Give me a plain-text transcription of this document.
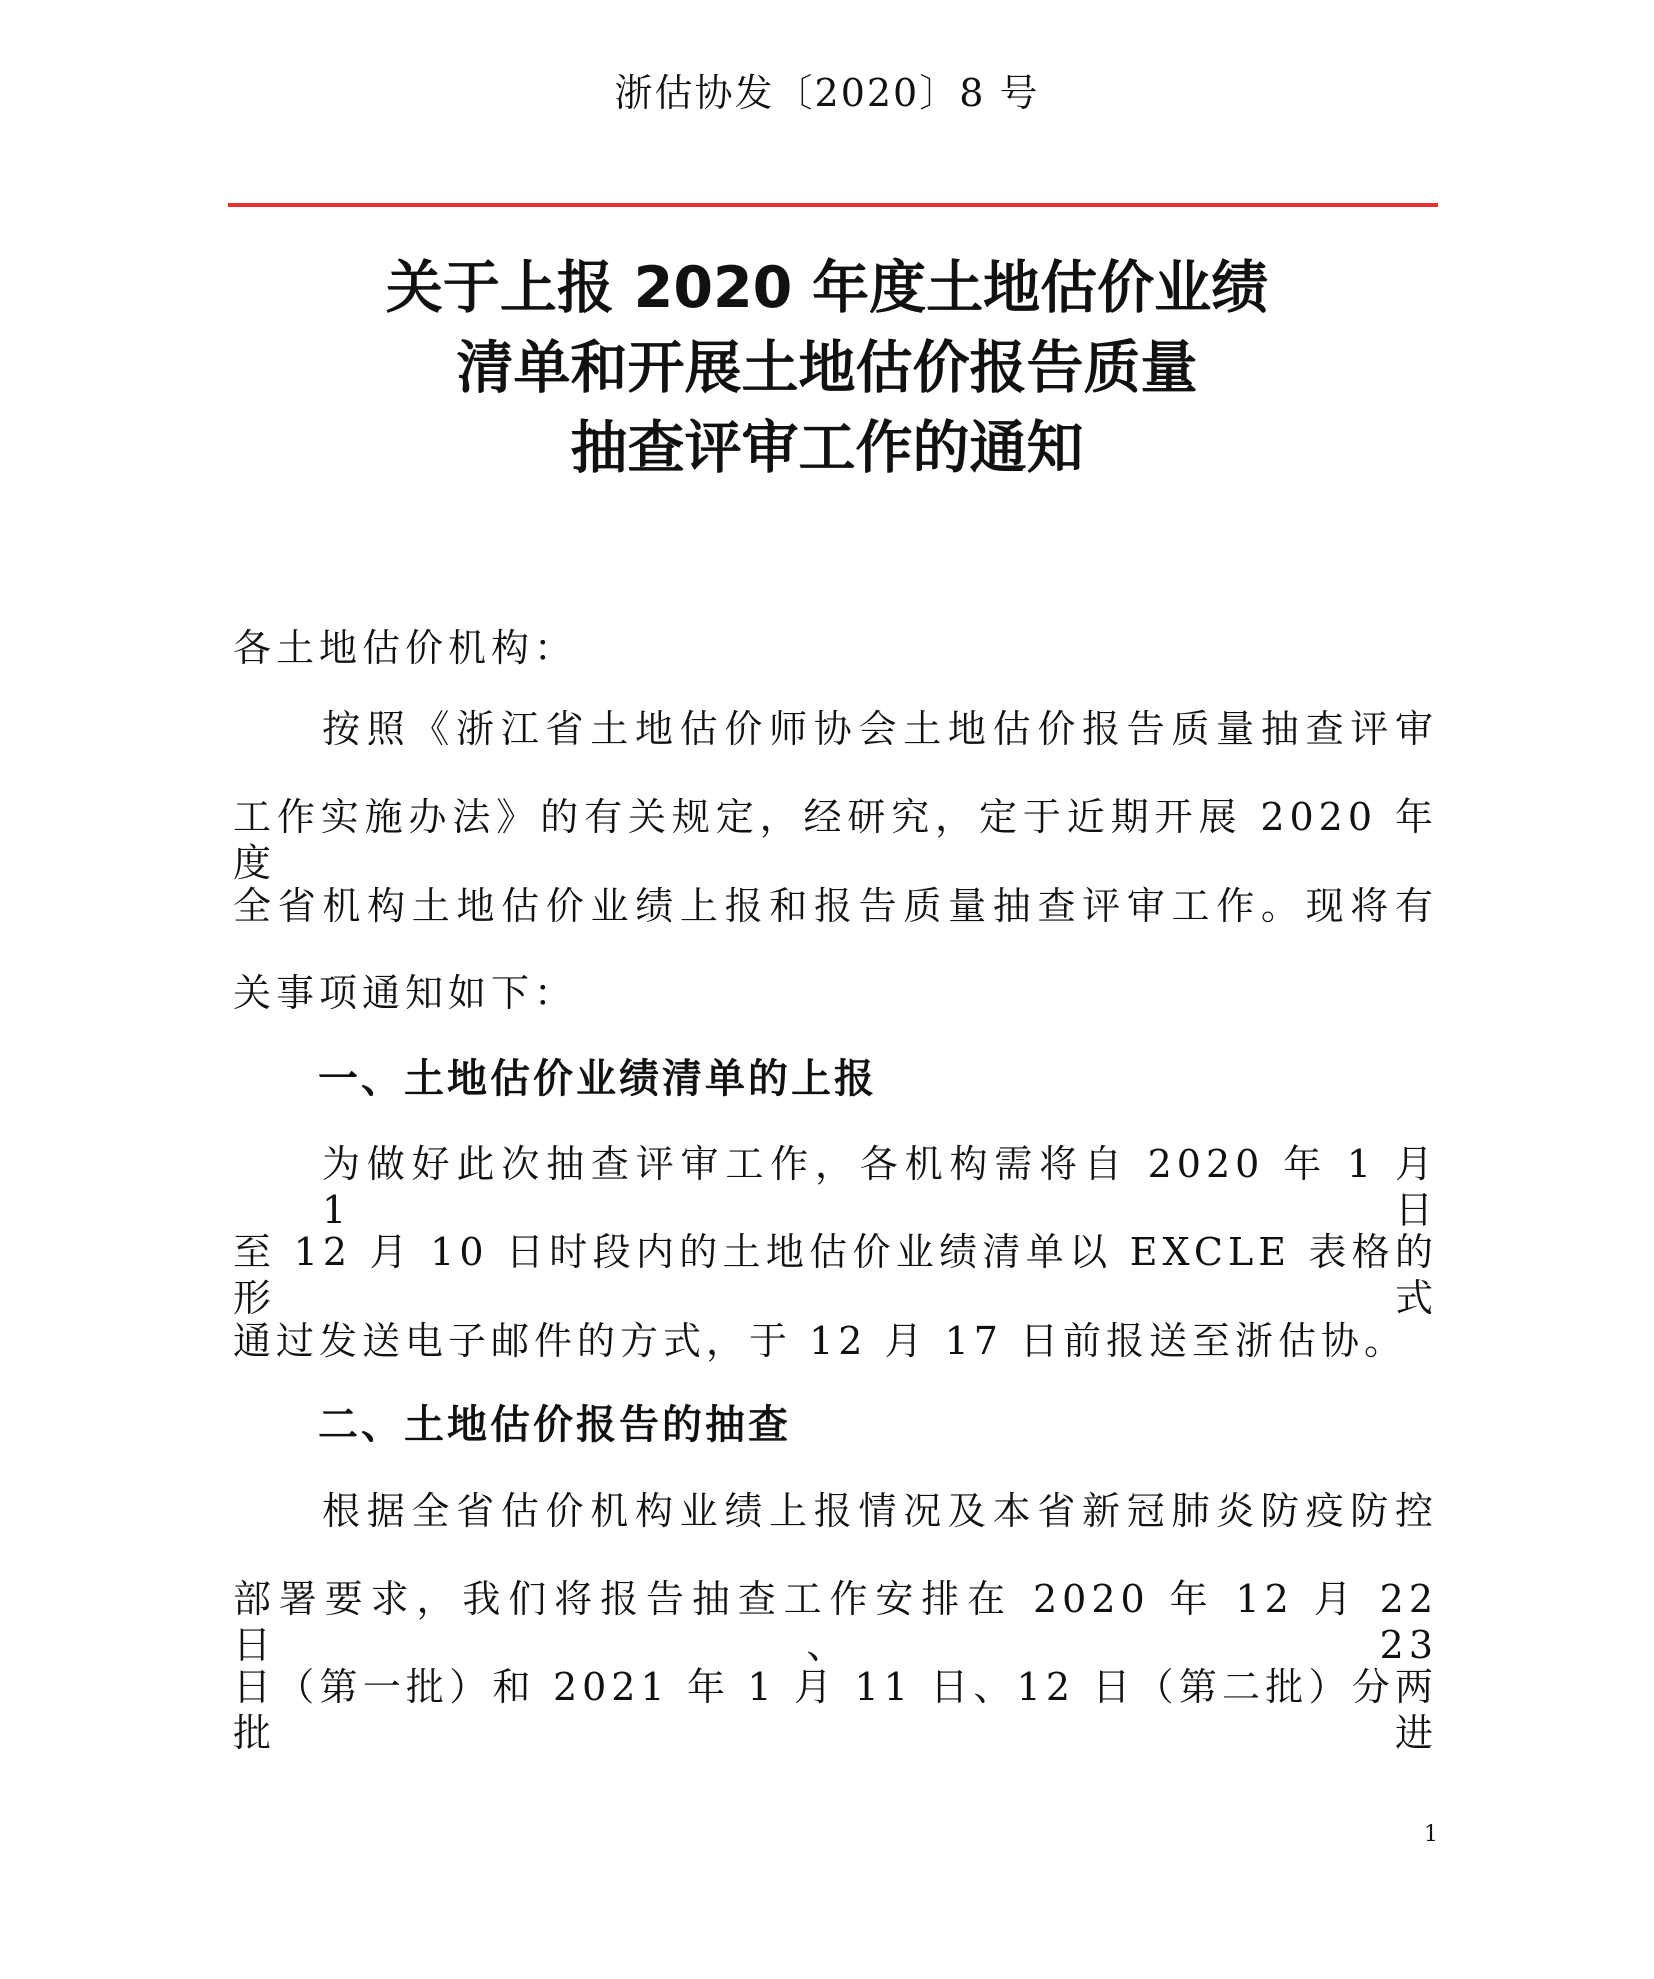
浙估协发〔2020〕8 号
关于上报 2020 年度土地估价业绩
清单和开展土地估价报告质量
抽查评审工作的通知
各土地估价机构：
按照《浙江省土地估价师协会土地估价报告质量抽查评审
工作实施办法》的有关规定，经研究，定于近期开展 2020 年度
全省机构土地估价业绩上报和报告质量抽查评审工作。现将有
关事项通知如下：
一、土地估价业绩清单的上报
为做好此次抽查评审工作，各机构需将自 2020 年 1 月 1 日
至 12 月 10 日时段内的土地估价业绩清单以 EXCLE 表格的形式
通过发送电子邮件的方式，于 12 月 17 日前报送至浙估协。
二、土地估价报告的抽查
根据全省估价机构业绩上报情况及本省新冠肺炎防疫防控
部署要求，我们将报告抽查工作安排在 2020 年 12 月 22 日、23
日（第一批）和 2021 年 1 月 11 日、12 日（第二批）分两批进
1
